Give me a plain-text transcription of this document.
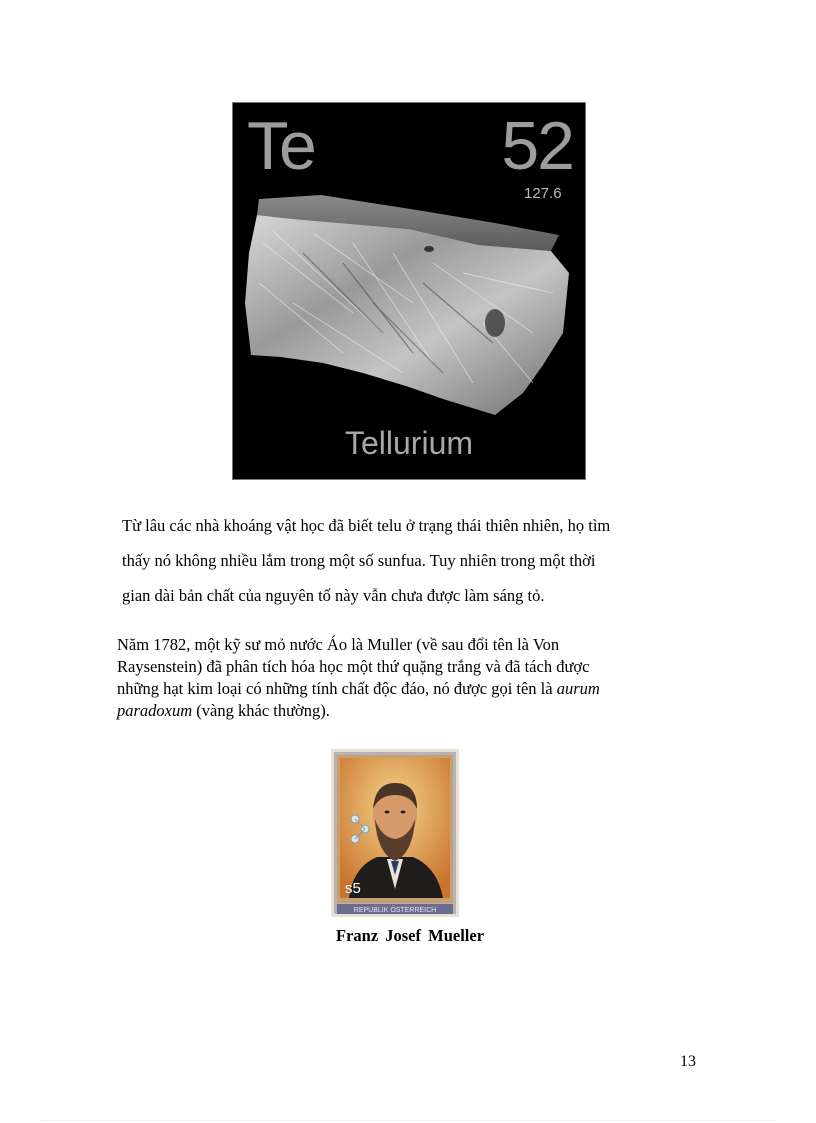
Te	52
127.6
Tellurium

Từ lâu các nhà khoáng vật học đã biết telu ở trạng thái thiên nhiên, họ tìm
thấy nó không nhiều lắm trong một số sunfua. Tuy nhiên trong một thời
gian dài bản chất của nguyên tố này vẫn chưa được làm sáng tỏ.

Năm 1782, một kỹ sư mỏ nước Áo là Muller (về sau đổi tên là Von
Raysenstein) đã phân tích hóa học một thứ quặng trắng và đã tách được
những hạt kim loại có những tính chất độc đáo, nó được gọi tên là aurum
paradoxum (vàng khác thường).

s5
REPUBLIK ÖSTERREICH
Franz Josef Mueller
13
